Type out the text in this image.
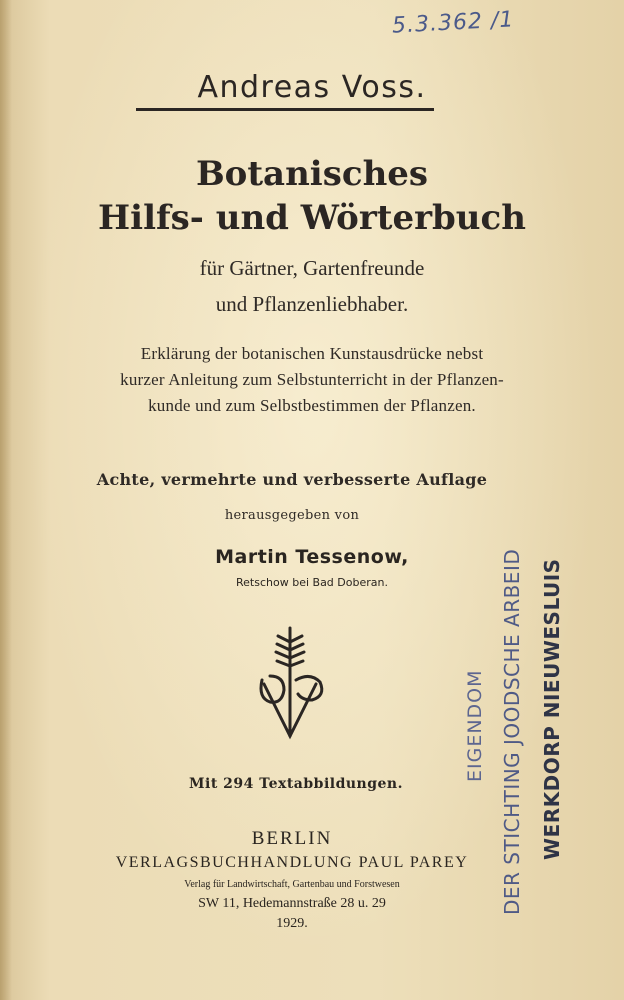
5.3.362 /1
Andreas Voss.
Botanisches
Hilfs- und Wörterbuch
für Gärtner, Gartenfreunde
und Pflanzenliebhaber.
Erklärung der botanischen Kunstausdrücke nebst
kurzer Anleitung zum Selbstunterricht in der Pflanzen-
kunde und zum Selbstbestimmen der Pflanzen.
Achte, vermehrte und verbesserte Auflage
herausgegeben von
Martin Tessenow,
Retschow bei Bad Doberan.
Mit 294 Textabbildungen.
BERLIN
VERLAGSBUCHHANDLUNG PAUL PAREY
Verlag für Landwirtschaft, Gartenbau und Forstwesen
SW 11, Hedemannstraße 28 u. 29
1929.
EIGENDOM DER STICHTING JOODSCHE ARBEID WERKDORP NIEUWESLUIS
